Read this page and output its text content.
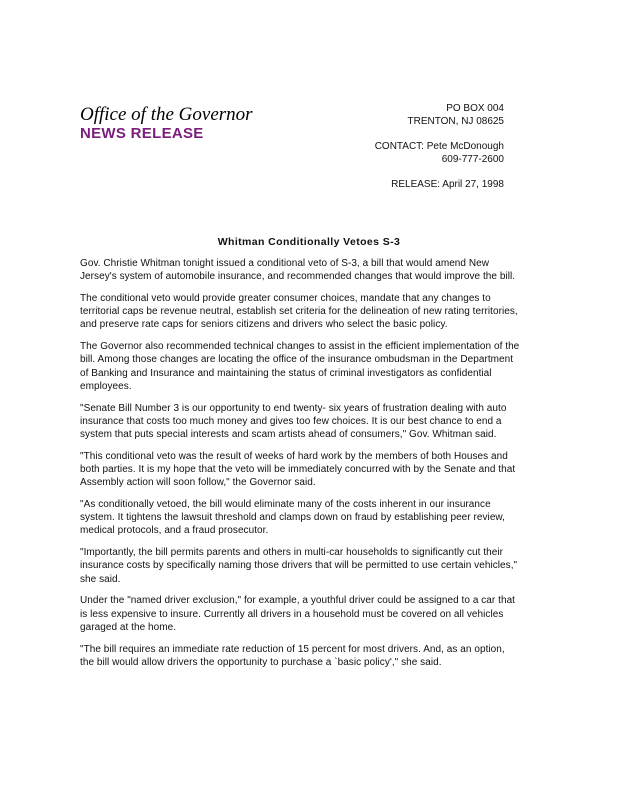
Office of the Governor
NEWS RELEASE
PO BOX 004
TRENTON, NJ 08625
CONTACT: Pete McDonough
609-777-2600
RELEASE: April 27, 1998
Whitman Conditionally Vetoes S-3

Gov. Christie Whitman tonight issued a conditional veto of S-3, a bill that would amend New Jersey's system of automobile insurance, and recommended changes that would improve the bill.

The conditional veto would provide greater consumer choices, mandate that any changes to territorial caps be revenue neutral, establish set criteria for the delineation of new rating territories, and preserve rate caps for seniors citizens and drivers who select the basic policy.

The Governor also recommended technical changes to assist in the efficient implementation of the bill. Among those changes are locating the office of the insurance ombudsman in the Department of Banking and Insurance and maintaining the status of criminal investigators as confidential employees.

"Senate Bill Number 3 is our opportunity to end twenty- six years of frustration dealing with auto insurance that costs too much money and gives too few choices. It is our best chance to end a system that puts special interests and scam artists ahead of consumers," Gov. Whitman said.

"This conditional veto was the result of weeks of hard work by the members of both Houses and both parties. It is my hope that the veto will be immediately concurred with by the Senate and that Assembly action will soon follow," the Governor said.

"As conditionally vetoed, the bill would eliminate many of the costs inherent in our insurance system. It tightens the lawsuit threshold and clamps down on fraud by establishing peer review, medical protocols, and a fraud prosecutor.

"Importantly, the bill permits parents and others in multi-car households to significantly cut their insurance costs by specifically naming those drivers that will be permitted to use certain vehicles," she said.

Under the "named driver exclusion," for example, a youthful driver could be assigned to a car that is less expensive to insure. Currently all drivers in a household must be covered on all vehicles garaged at the home.

"The bill requires an immediate rate reduction of 15 percent for most drivers. And, as an option, the bill would allow drivers the opportunity to purchase a `basic policy'," she said.
